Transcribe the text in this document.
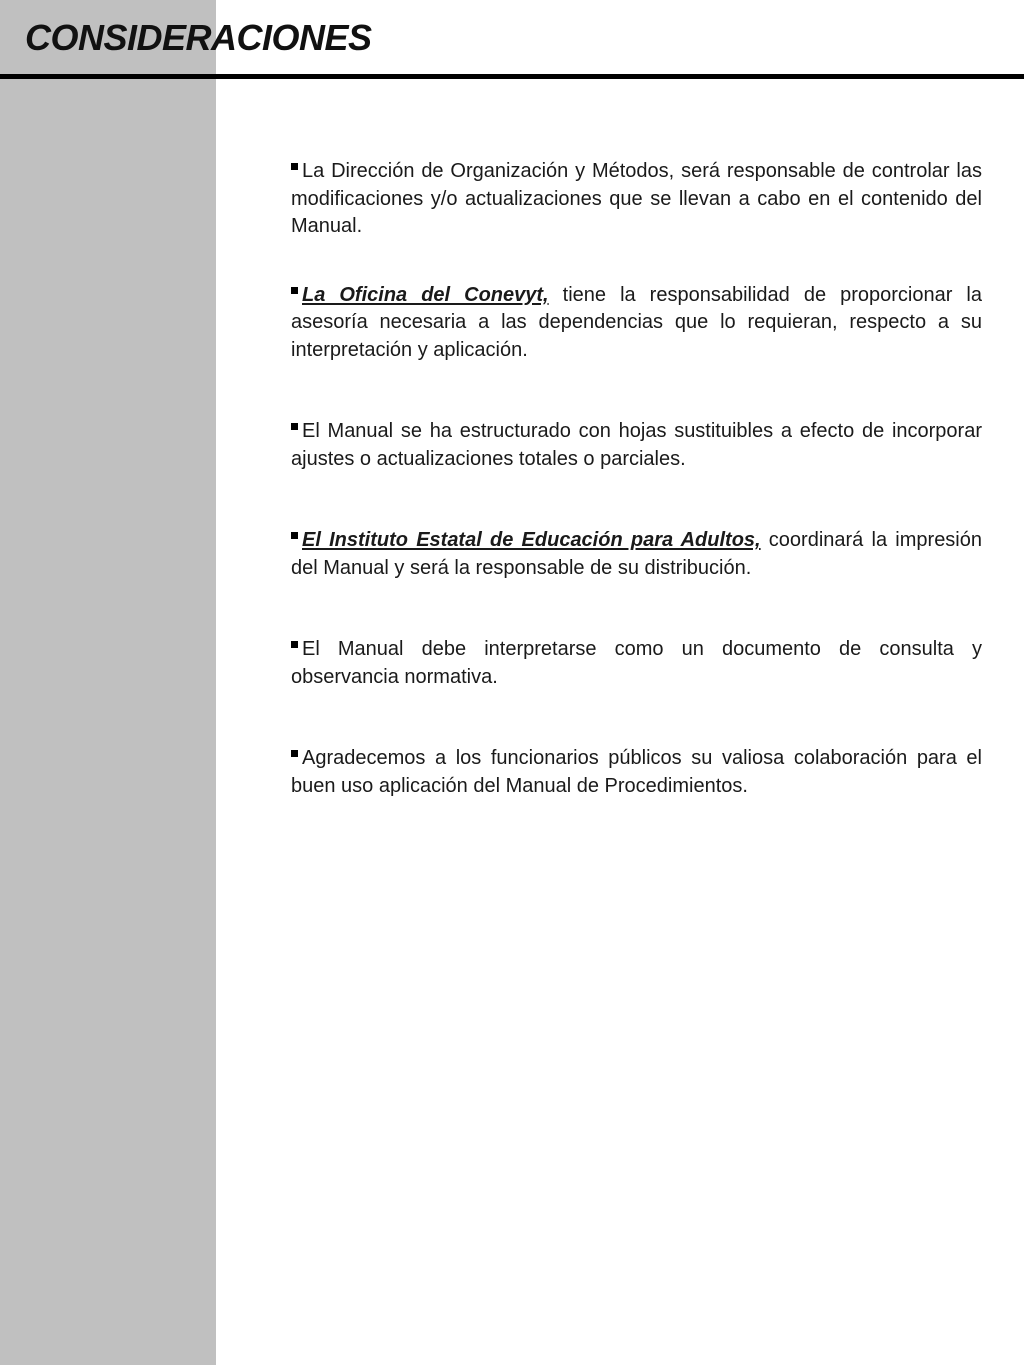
CONSIDERACIONES

La Dirección de Organización y Métodos, será responsable de controlar las modificaciones y/o actualizaciones que se llevan a cabo en el contenido del Manual.

La Oficina del Conevyt, tiene la responsabilidad de proporcionar la asesoría necesaria a las dependencias que lo requieran, respecto a su interpretación y aplicación.

El Manual se ha estructurado con hojas sustituibles a efecto de incorporar ajustes o actualizaciones totales o parciales.

El Instituto Estatal de Educación para Adultos, coordinará la impresión del Manual y será la responsable de su distribución.

El Manual debe interpretarse como un documento de consulta y observancia normativa.

Agradecemos a los funcionarios públicos su valiosa colaboración para el buen uso aplicación del Manual de Procedimientos.
